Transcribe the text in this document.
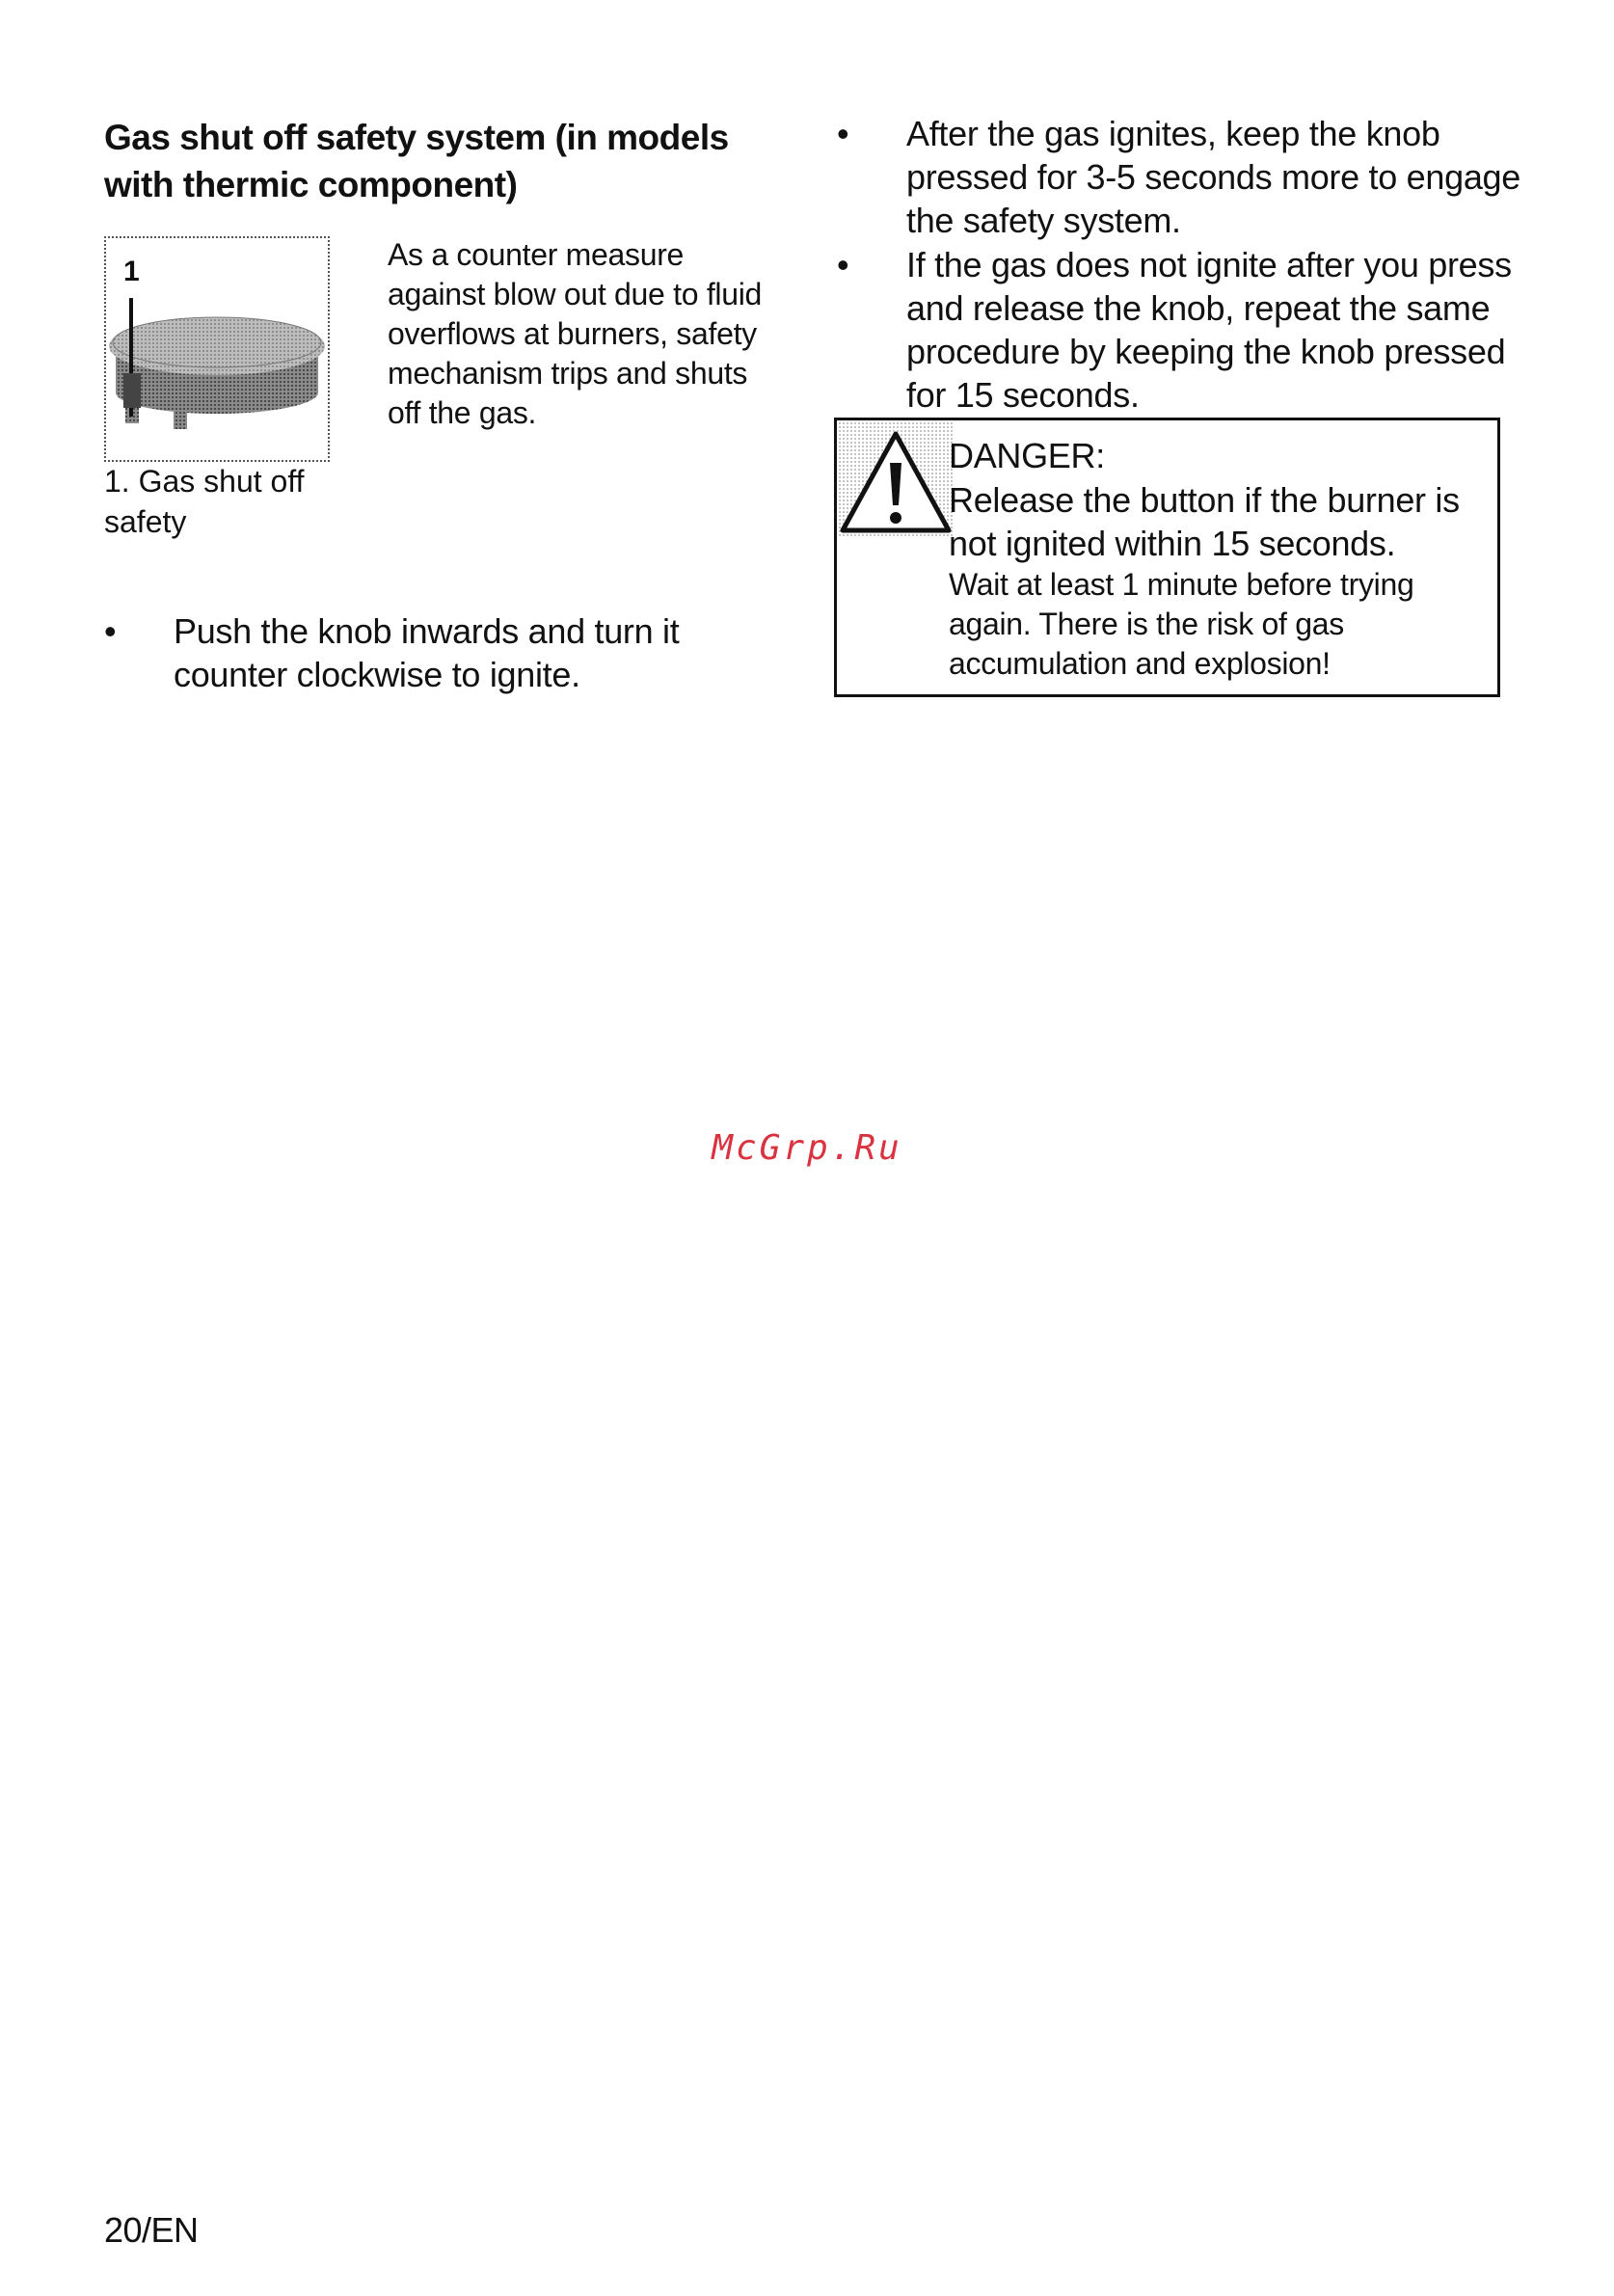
Gas shut off safety system (in models with thermic component)
1
1. Gas shut off safety
As a counter measure against blow out due to fluid overflows at burners, safety mechanism trips and shuts off the gas.
• Push the knob inwards and turn it counter clockwise to ignite.
• After the gas ignites, keep the knob pressed for 3-5 seconds more to engage the safety system.
• If the gas does not ignite after you press and release the knob, repeat the same procedure by keeping the knob pressed for 15 seconds.
DANGER:
Release the button if the burner is not ignited within 15 seconds.
Wait at least 1 minute before trying again. There is the risk of gas accumulation and explosion!
McGrp.Ru
20/EN
